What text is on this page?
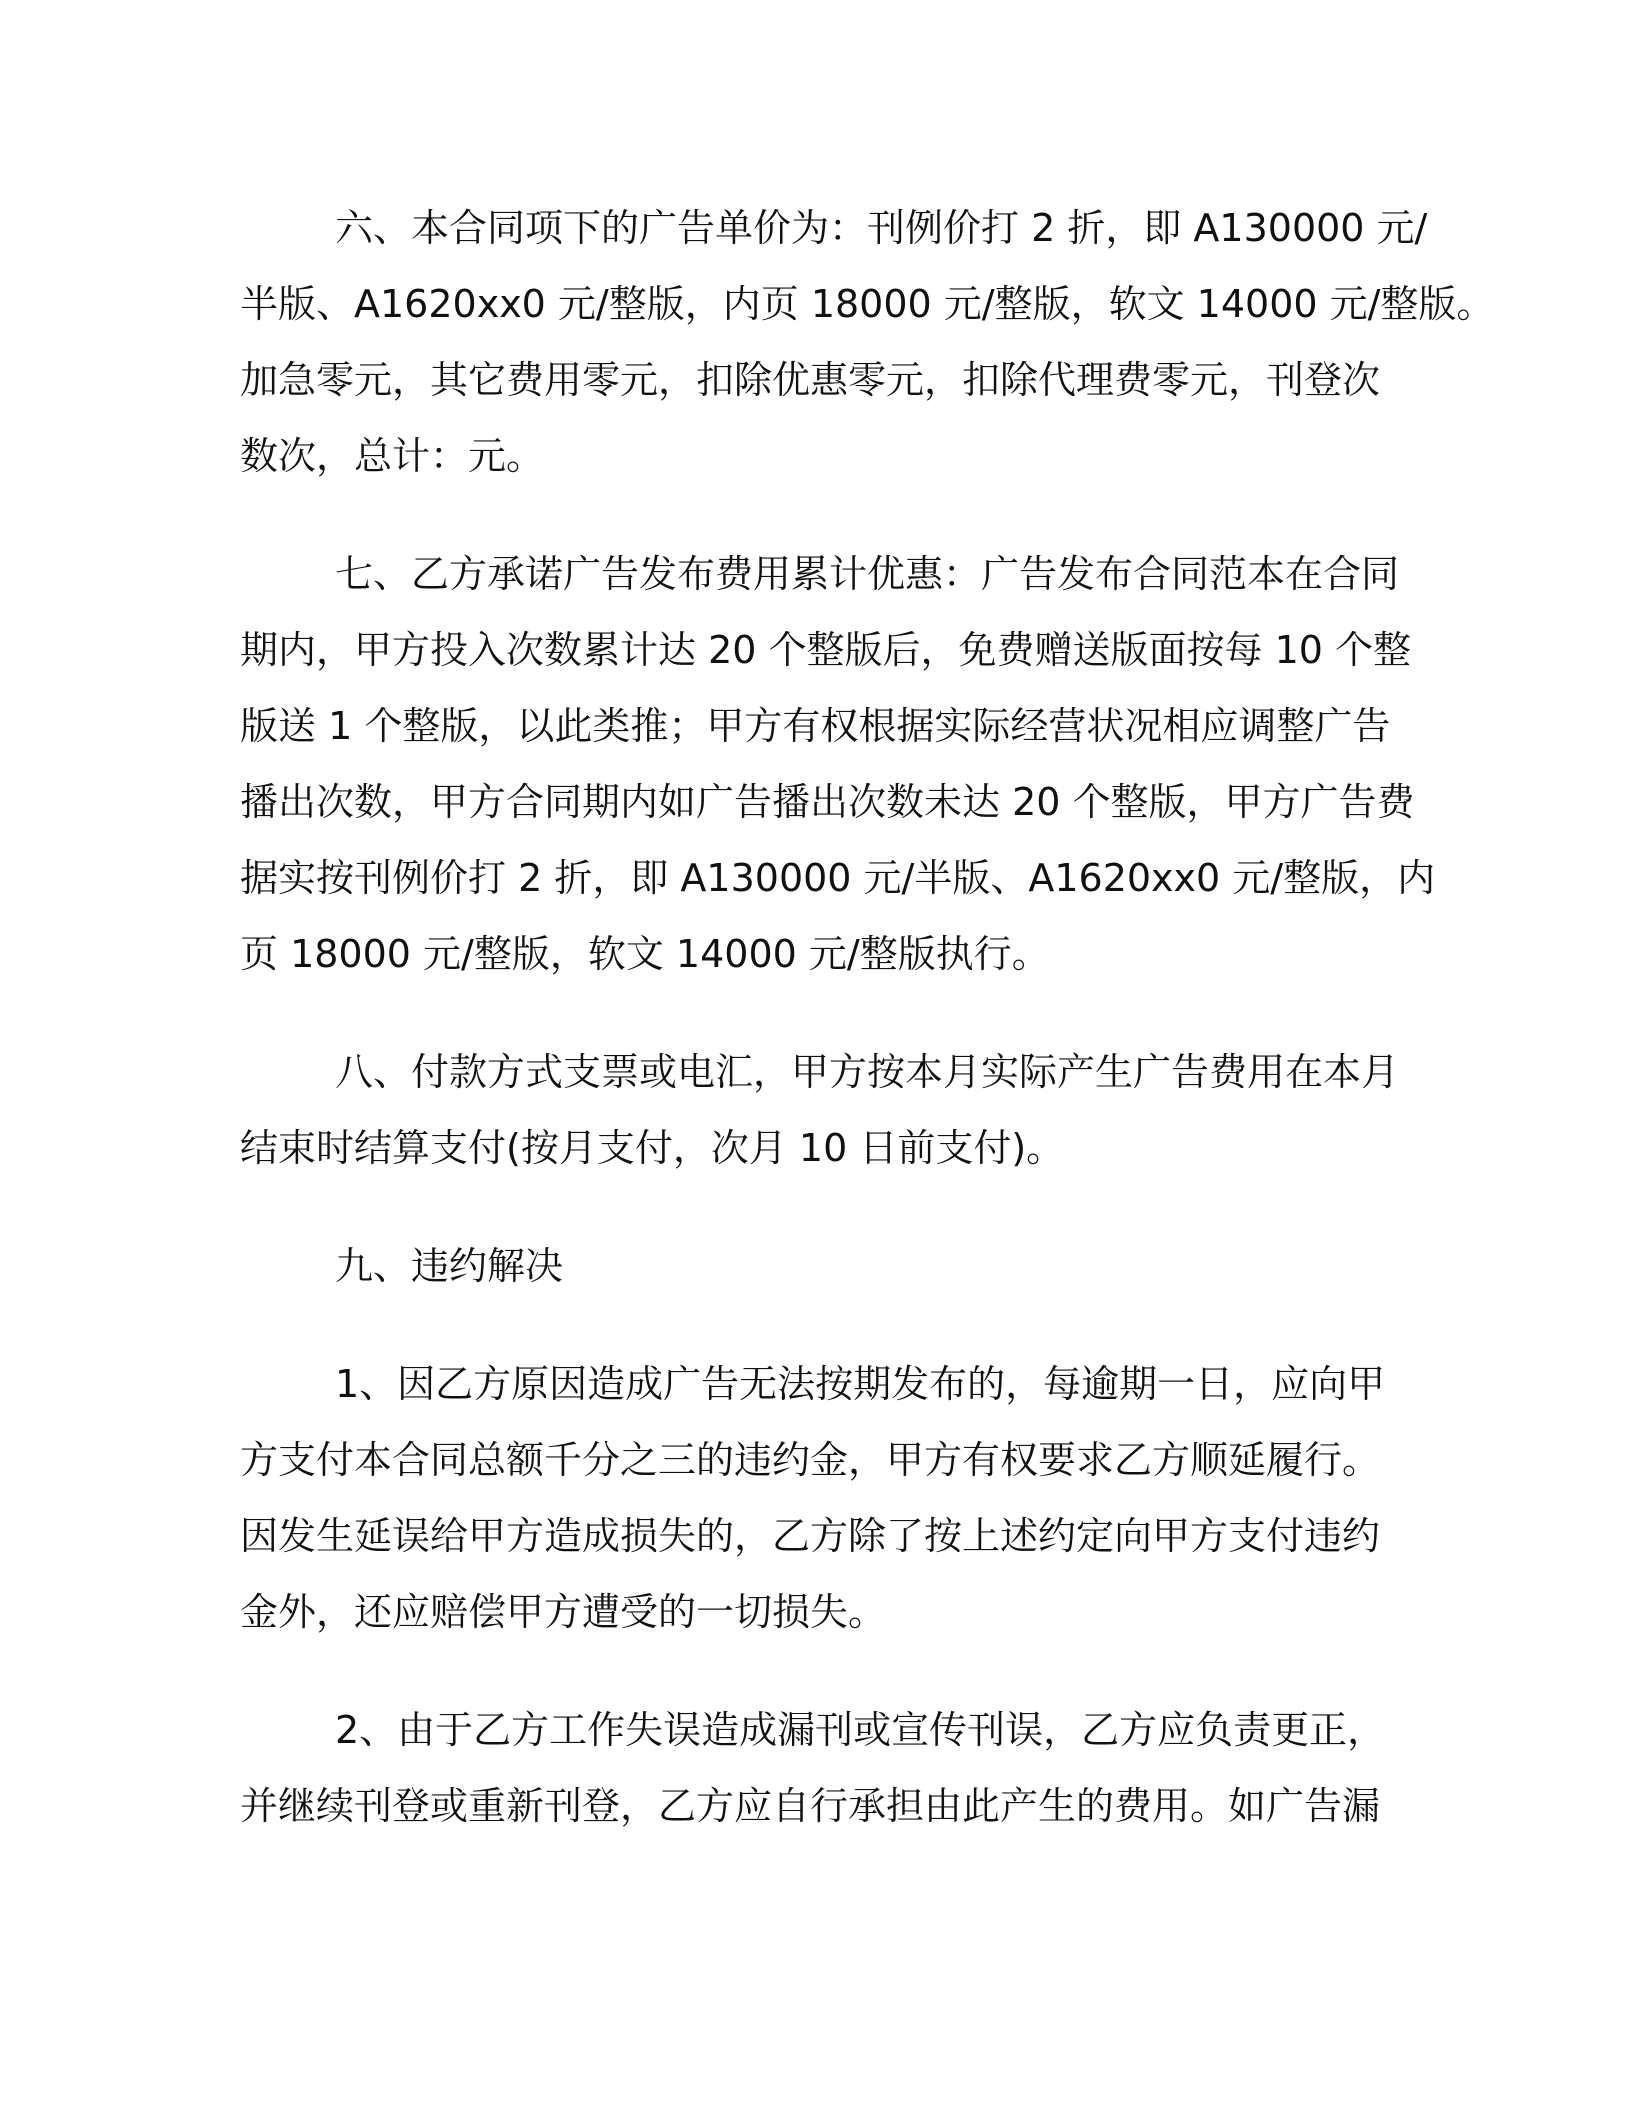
六、本合同项下的广告单价为：刊例价打 2 折，即 A130000 元/
半版、A1620xx0 元/整版，内页 18000 元/整版，软文 14000 元/整版。
加急零元，其它费用零元，扣除优惠零元，扣除代理费零元，刊登次
数次，总计：元。
七、乙方承诺广告发布费用累计优惠：广告发布合同范本在合同
期内，甲方投入次数累计达 20 个整版后，免费赠送版面按每 10 个整
版送 1 个整版，以此类推；甲方有权根据实际经营状况相应调整广告
播出次数，甲方合同期内如广告播出次数未达 20 个整版，甲方广告费
据实按刊例价打 2 折，即 A130000 元/半版、A1620xx0 元/整版，内
页 18000 元/整版，软文 14000 元/整版执行。
八、付款方式支票或电汇，甲方按本月实际产生广告费用在本月
结束时结算支付(按月支付，次月 10 日前支付)。
九、违约解决
1、因乙方原因造成广告无法按期发布的，每逾期一日，应向甲
方支付本合同总额千分之三的违约金，甲方有权要求乙方顺延履行。
因发生延误给甲方造成损失的，乙方除了按上述约定向甲方支付违约
金外，还应赔偿甲方遭受的一切损失。
2、由于乙方工作失误造成漏刊或宣传刊误，乙方应负责更正，
并继续刊登或重新刊登，乙方应自行承担由此产生的费用。如广告漏
